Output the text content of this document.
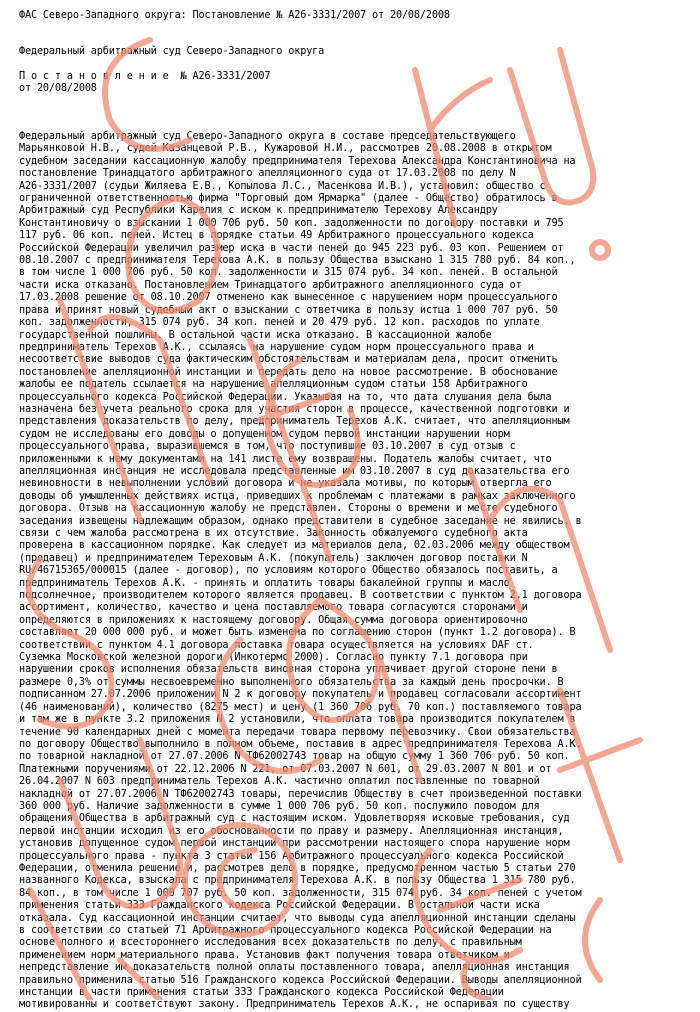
ФАС Северо-Западного округа: Постановление № А26-3331/2007 от 20/08/2008
Федеральный арбитражный суд Северо-Западного округа
П о с т а н о в л е н и е  № А26-3331/2007
от 20/08/2008
Федеральный арбитражный суд Северо-Западного округа в составе председательствующего
Марьянковой Н.В., судей Казанцевой Р.В., Кужаровой Н.И., рассмотрев 20.08.2008 в открытом
судебном заседании кассационную жалобу предпринимателя Терехова Александра Константиновича на
постановление Тринадцатого арбитражного апелляционного суда от 17.03.2008 по делу N
А26-3331/2007 (судьи Жиляева Е.В., Копылова Л.С., Масенкова И.В.), установил: общество с
ограниченной ответственностью фирма "Торговый дом Ярмарка" (далее - Общество) обратилось в
Арбитражный суд Республики Карелия с иском к предпринимателю Терехову Александру
Константиновичу о взыскании 1 000 706 руб. 50 коп. задолженности по договору поставки и 795
117 руб. 06 коп. пеней. Истец в порядке статьи 49 Арбитражного процессуального кодекса
Российской Федерации увеличил размер иска в части пеней до 945 223 руб. 03 коп. Решением от
08.10.2007 с предпринимателя Терехова А.К. в пользу Общества взыскано 1 315 780 руб. 84 коп.,
в том числе 1 000 706 руб. 50 коп. задолженности и 315 074 руб. 34 коп. пеней. В остальной
части иска отказано. Постановлением Тринадцатого арбитражного апелляционного суда от
17.03.2008 решение от 08.10.2007 отменено как вынесенное с нарушением норм процессуального
права и принят новый судебный акт о взыскании с ответчика в пользу истца 1 000 707 руб. 50
коп. задолженности, 315 074 руб. 34 коп. пеней и 20 479 руб. 12 коп. расходов по уплате
государственной пошлины. В остальной части иска отказано. В кассационной жалобе
предприниматель Терехов А.К., ссылаясь на нарушение судом норм процессуального права и
несоответствие выводов суда фактическим обстоятельствам и материалам дела, просит отменить
постановление апелляционной инстанции и передать дело на новое рассмотрение. В обоснование
жалобы ее податель ссылается на нарушение апелляционным судом статьи 158 Арбитражного
процессуального кодекса Российской Федерации. Указывая на то, что дата слушания дела была
назначена без учета реального срока для участия сторон в процессе, качественной подготовки и
представления доказательств по делу, предприниматель Терехов А.К. считает, что апелляционным
судом не исследованы его доводы о допущенном судом первой инстанции нарушении норм
процессуального права, выразившемся в том, что поступившие 03.10.2007 в суд отзыв с
приложенными к нему документами на 141 листе ему возвращены. Податель жалобы считает, что
апелляционная инстанция не исследовала представленные им 03.10.2007 в суд доказательства его
невиновности в невыполнении условий договора и не указала мотивы, по которым отвергла его
доводы об умышленных действиях истца, приведших к проблемам с платежами в рамках заключенного
договора. Отзыв на кассационную жалобу не представлен. Стороны о времени и месте судебного
заседания извещены надлежащим образом, однако представители в судебное заседание не явились, в
связи с чем жалоба рассмотрена в их отсутствие. Законность обжалуемого судебного акта
проверена в кассационном порядке. Как следует из материалов дела, 02.03.2006 между обществом
(продавец) и предпринимателем Тереховым А.К. (покупатель) заключен договор поставки N
RU/46715365/000015 (далее - договор), по условиям которого Общество обязалось поставить, а
предприниматель Терехов А.К. - принять и оплатить товары бакалейной группы и масло
подсолнечное, производителем которого является продавец. В соответствии с пунктом 2.1 договора
ассортимент, количество, качество и цена поставляемого товара согласуются сторонами и
определяются в приложениях к настоящему договору. Общая сумма договора ориентировочно
составляет 20 000 000 руб. и может быть изменена по соглашению сторон (пункт 1.2 договора). В
соответствии с пунктом 4.1 договора поставка товара осуществляется на условиях DAF ст.
Суземка Московской железной дороги (Инкотермс 2000). Согласно пункту 7.1 договора при
нарушении сроков исполнения обязательств виновная сторона уплачивает другой стороне пени в
размере 0,3% от суммы несвоевременно выполненного обязательства за каждый день просрочки. В
подписанном 27.07.2006 приложении N 2 к договору покупатель и продавец согласовали ассортимент
(46 наименований), количество (8275 мест) и цену (1 360 706 руб. 70 коп.) поставляемого товара
и там же в пункте 3.2 приложения N 2 установили, что оплата товара производится покупателем в
течение 90 календарных дней с момента передачи товара первому перевозчику. Свои обязательства
по договору Общество выполнило в полном объеме, поставив в адрес предпринимателя Терехова А.К.
по товарной накладной от 27.07.2006 N ТФ62002743 товар на общую сумму 1 360 706 руб. 50 коп.
Платежными поручениями от 22.12.2006 N 221, от 07.03.2007 N 601, от 29.03.2007 N 801 и от
26.04.2007 N 603 предприниматель Терехов А.К. частично оплатил поставленные по товарной
накладной от 27.07.2006 N ТФ62002743 товары, перечислив Обществу в счет произведенной поставки
360 000 руб. Наличие задолженности в сумме 1 000 706 руб. 50 коп. послужило поводом для
обращения Общества в арбитражный суд с настоящим иском. Удовлетворяя исковые требования, суд
первой инстанции исходил из его обоснованности по праву и размеру. Апелляционная инстанция,
установив допущенное судом первой инстанции при рассмотрении настоящего спора нарушение норм
процессуального права - пункта 3 статьи 156 Арбитражного процессуального кодекса Российской
Федерации, отменила решение и, рассмотрев дело в порядке, предусмотренном частью 5 статьи 270
названного Кодекса, взыскала с предпринимателя Терехова А.К. в пользу Общества 1 315 780 руб.
84 коп., в том числе 1 000 707 руб. 50 коп. задолженности, 315 074 руб. 34 коп. пеней с учетом
применения статьи 333 Гражданского кодекса Российской Федерации. В остальной части иска
отказала. Суд кассационной инстанции считает, что выводы суда апелляционной инстанции сделаны
в соответствии со статьей 71 Арбитражного процессуального кодекса Российской Федерации на
основе полного и всестороннего исследования всех доказательств по делу, с правильным
применением норм материального права. Установив факт получения товара ответчиком и
непредставление им доказательств полной оплаты поставленного товара, апелляционная инстанция
правильно применила статью 516 Гражданского кодекса Российской Федерации. Выводы апелляционной
инстанции в части применения статьи 333 Гражданского кодекса Российской Федерации
мотивированны и соответствуют закону. Предприниматель Терехов А.К., не оспаривая по существу
